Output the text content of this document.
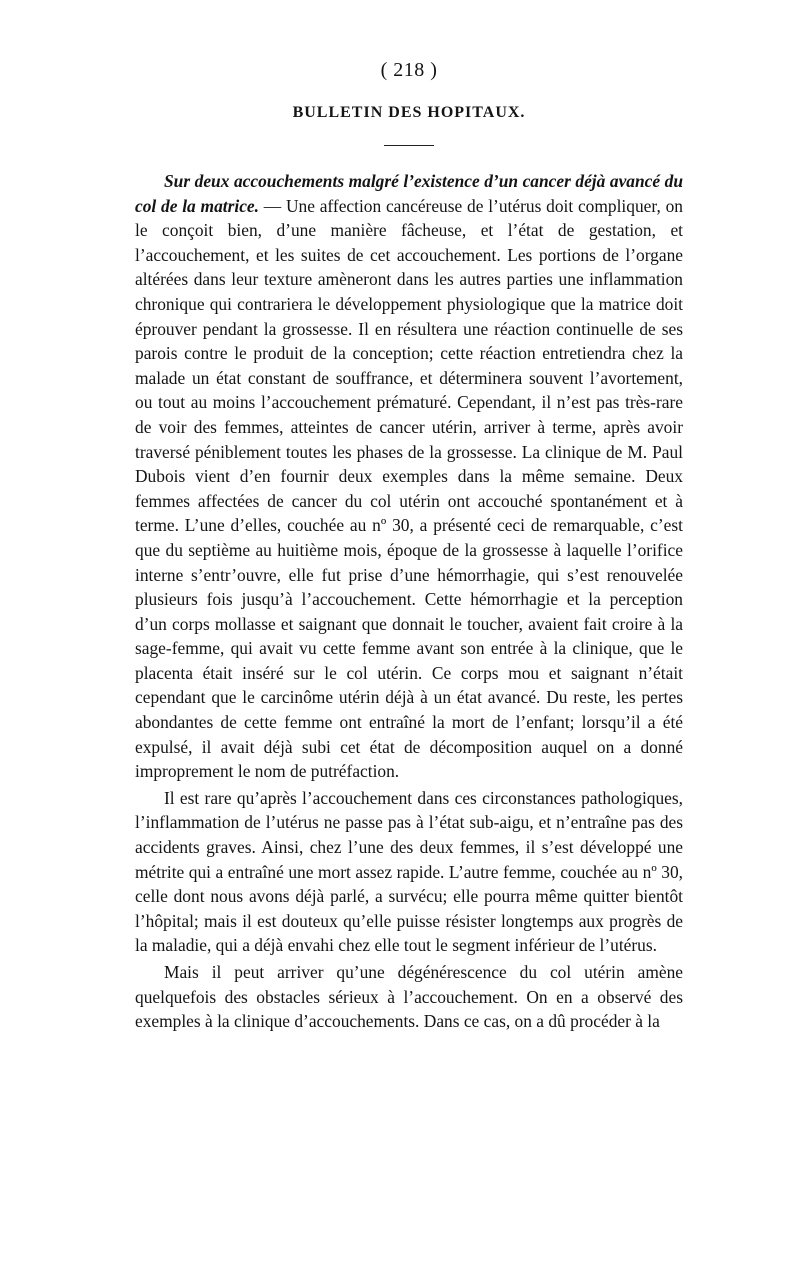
( 218 )
BULLETIN DES HOPITAUX.

Sur deux accouchements malgré l’existence d’un cancer déjà avancé du col de la matrice. — Une affection cancéreuse de l’utérus doit compliquer, on le conçoit bien, d’une manière fâcheuse, et l’état de gestation, et l’accouchement, et les suites de cet accouchement. Les portions de l’organe altérées dans leur texture amèneront dans les autres parties une inflammation chronique qui contrariera le développement physiologique que la matrice doit éprouver pendant la grossesse. Il en résultera une réaction continuelle de ses parois contre le produit de la conception; cette réaction entretiendra chez la malade un état constant de souffrance, et déterminera souvent l’avortement, ou tout au moins l’accouchement prématuré. Cependant, il n’est pas très-rare de voir des femmes, atteintes de cancer utérin, arriver à terme, après avoir traversé péniblement toutes les phases de la grossesse. La clinique de M. Paul Dubois vient d’en fournir deux exemples dans la même semaine. Deux femmes affectées de cancer du col utérin ont accouché spontanément et à terme. L’une d’elles, couchée au nº 30, a présenté ceci de remarquable, c’est que du septième au huitième mois, époque de la grossesse à laquelle l’orifice interne s’entr’ouvre, elle fut prise d’une hémorrhagie, qui s’est renouvelée plusieurs fois jusqu’à l’accouchement. Cette hémorrhagie et la perception d’un corps mollasse et saignant que donnait le toucher, avaient fait croire à la sage-femme, qui avait vu cette femme avant son entrée à la clinique, que le placenta était inséré sur le col utérin. Ce corps mou et saignant n’était cependant que le carcinôme utérin déjà à un état avancé. Du reste, les pertes abondantes de cette femme ont entraîné la mort de l’enfant; lorsqu’il a été expulsé, il avait déjà subi cet état de décomposition auquel on a donné improprement le nom de putréfaction.

Il est rare qu’après l’accouchement dans ces circonstances pathologiques, l’inflammation de l’utérus ne passe pas à l’état sub-aigu, et n’entraîne pas des accidents graves. Ainsi, chez l’une des deux femmes, il s’est développé une métrite qui a entraîné une mort assez rapide. L’autre femme, couchée au nº 30, celle dont nous avons déjà parlé, a survécu; elle pourra même quitter bientôt l’hôpital; mais il est douteux qu’elle puisse résister longtemps aux progrès de la maladie, qui a déjà envahi chez elle tout le segment inférieur de l’utérus.

Mais il peut arriver qu’une dégénérescence du col utérin amène quelquefois des obstacles sérieux à l’accouchement. On en a observé des exemples à la clinique d’accouchements. Dans ce cas, on a dû procéder à la
